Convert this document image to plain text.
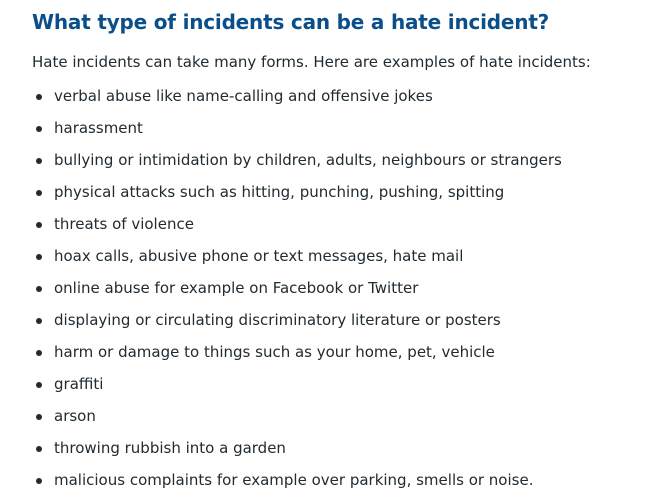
What type of incidents can be a hate incident?

Hate incidents can take many forms. Here are examples of hate incidents:

verbal abuse like name-calling and offensive jokes
harassment
bullying or intimidation by children, adults, neighbours or strangers
physical attacks such as hitting, punching, pushing, spitting
threats of violence
hoax calls, abusive phone or text messages, hate mail
online abuse for example on Facebook or Twitter
displaying or circulating discriminatory literature or posters
harm or damage to things such as your home, pet, vehicle
graffiti
arson
throwing rubbish into a garden
malicious complaints for example over parking, smells or noise.
